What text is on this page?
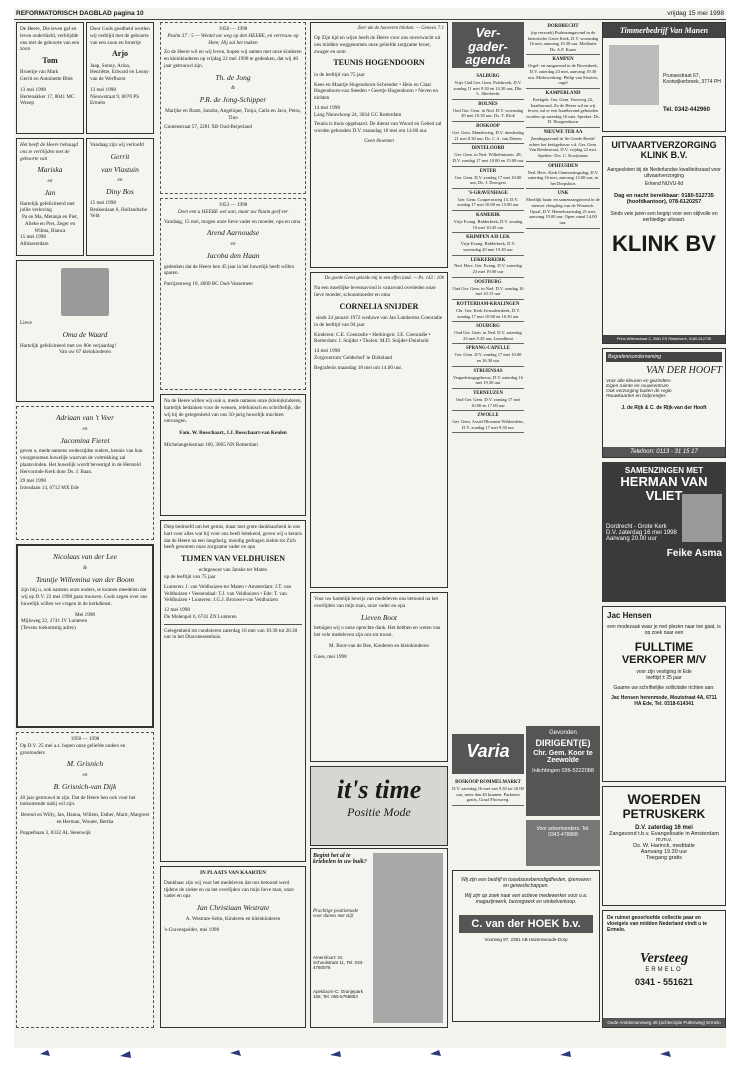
REFORMATORISCH DAGBLAD pagina 10	vrijdag 15 mei 1998
De Heere, Die leven gaf en leven onderhield, verblijdde ons met de geboorte van een zoon
Tom
Broertje van Mark
Gerrit en Antoinette Blok
13 mei 1998
Hertenakker 17, 8041 MC Wezep
Door Gods goedheid werden wij verblijd met de geboorte van een zoon en broertje
Arjo
Jaap, Sonny, Arina, Henriëtte, Edward en Lenny van de Werfhorst
13 mei 1998
Nieuwstraat 9, 8070 PS Ermelo
Het heeft de Heere behaagd ons te verblijden met de geboorte van
Mariska
en
Jan
Hartelijk gefeliciteerd met jullie verloving
Pa en Ma, Metanja en Piet, Alieke en Piet, Zeger en Wilma, Bianca
15 mei 1998
Alblasserdam
Vandaag zijn wij verloofd
Gerrit
van Vlastuin
en
Diny Bos
15 mei 1998
Beukenlaan 6, Hollandsche Veld
Lieve
Oma de Waard
Hartelijk gefeliciteerd met uw 80e verjaardag!
Van uw 67 kleinkinderen
Adriaan van 't Veer
en
Jacomina Fieret
geven u, mede namens wederzijdse ouders, kennis van hun voorgenomen huwelijk waarvan de voltrekking zal plaatsvinden. Het huwelijk wordt bevestigd in de Hersteld Hervormde Kerk door Ds. J. Baan.
29 mei 1998
Ironsdaan 14, 6712 MX Ede
Nicolaas van der Lee
&
Teuntje Willemina van der Boom
zijn blij u, ook namens onze ouders, te kunnen meedelen dat wij op D.V. 22 mei 1998 gaan trouwen. Gods zegen over ons huwelijk willen we vragen in de kerkdienst.
Mei 1998
Mijlsweg 22, 2741 JV Lunteren
(Tevens toekomstig adres)
1958 — 1998
Op D.V. 25 mei a.s. hopen onze geliefde ouders en grootouders
M. Grisnich
en
B. Grisnich-van Dijk
40 jaar getrouwd te zijn. Dat de Heere hen ook voor het toekomende nabij wil zijn.
Berend en Willy, Jan, Hanna, Willem, Esther, Marit, Margreet en Herman, Wouter, Bertha
Poppelbaan 3, 8332 AL Steenwijk
1958 — 1998
Psalm 37 : 5 — Wentel uw weg op den HEERE, en vertrouw op Hem; Hij zal het maken
Zo de Heere wil en wij leven, hopen wij samen met onze kinderen en kleinkinderen op vrijdag 22 mei 1998 te gedenken, dat wij 40 jaar getrouwd zijn.
Th. de Jong
&
P.R. de Jong-Schipper
Marijke en Bram, Sandra, Angelique, Tonja, Carla en Jaco, Petra, Tino
Guntenstraat 57, 2281 XB Oud-Beijerland
1953 — 1998
Doet een u HEERE wel aan, maar uw Naam geef eer
Vandaag, 15 mei, mogen onze lieve vader en moeder, opa en oma
Arend Aarnoudse
en
Jacoba den Haan
gedenken dat de Heere hen 45 jaar in het huwelijk heeft willen sparen.
Patrijzenweg 18, 4000 BC Oud-Vossemeer
Na de Heere willen wij ook u, mede namens onze (klein)kinderen, hartelijk bedanken voor de wensen, telefonisch en schriftelijk, die wij bij de gelegenheid van ons 50-jarig huwelijk mochten ontvangen.
Fam. W. Bosschaart, J.J. Bosschaart-van Keulen
Michelangelostraat 166, 3065 NN Rotterdam
Diep bedroefd om het gemis, maar met grote dankbaarheid in ons hart voor alles wat hij voor ons heeft betekend, geven wij u kennis dat de Heere na een langdurig, moedig gedragen ziekte tot Zich heeft genomen onze zorgzame vader en opa
TIJMEN VAN VELDHUISEN
echtgenoot van Janske ter Maten
op de leeftijd van 75 jaar
Lunteren: J. van Veldhuizen-ter Maten • Amsterdam: J.T. van Veldhuizen • Veenendaal: T.J. van Veldhuizen • Ede: T. van Veldhuizen • Lunteren: J.G.J. Brouwer-van Veldhuizen
12 mei 1998
De Molenpol 6, 6741 ZN Lunteren
Gelegenheid tot condoleren zaterdag 16 mei van 19.30 tot 20.30 uur in het Diaconessenhuis.
IN PLAATS VAN KAARTEN
Dankbaar zijn wij voor het medeleven dat ons betoond werd tijdens de ziekte en na het overlijden van mijn lieve man, onze vader en opa
Jan Christiaan Westrate
A. Westrate-Selm, Kinderen en kleinkinderen
's-Gravenpolder, mei 1998
Zeer ule de hooveren blinken. — Genesis 7:1
Op Zijn tijd en wijze heeft de Heere voor ons onverwacht uit ons midden weggenomen onze geliefde zorgzame broer, zwager en oom
TEUNIS HOGENDOORN
in de leeftijd van 75 jaar
Kees en Maartje Hogendoorn-Schreuder • Hein en Claar Hogendoorn-van Steeden • Geertje Hogendoorn • Neven en nichten
14 mei 1998
Lang Nieuwkoop 24, 3034 GC Rotterdam
Teunis is thuis opgebaard. De dienst van Woord en Gebed zal worden gehouden D.V. maandag 18 mei om 14.00 uur.
Geen bloemen
De goede Geest geleide mij in een effen land. — Ps. 143 : 10b
Na een moeilijke levensavond is vanavond overleden onze lieve moeder, schoonmoeder en oma
CORNELIA SNIJDER
sinds 24 januari 1972 weduwe van Jan Lambertus Coenradie
in de leeftijd van 94 jaar
Kinderen: C.E. Coenradie • Herkingen: J.E. Coenradie • Rotterdam: J. Snijder • Tholen: M.D. Snijder-Duinhold
14 mei 1998
Zorgcentrum 'Gelderhof' te Dirksland
Begrafenis maandag 18 mei om 14.00 uur.
Voor uw hartelijk bewijs van medeleven ons betoond na het overlijden van mijn man, onze vader en opa
Lieven Boot
betuigen wij u onze oprechte dank. Het hebben en weten van het vele medeleven zijn ons tot troost.
M. Boot-van de Bee, Kinderen en kleinkinderen
Goes, mei 1998
it's time
Positie Mode
Begint het al te kriebelen in uw buik?
Prachtige positiemode voor dames met stijl
Amersfoort: Gr. Schoolstraat 11, Tel. 033-4760076
Apeldoorn-C: Oranjepark 168, Tel. 055-5768853
Ver-gader-agenda
SALBURG
Vrije Oud Ger. Gem. Polsbroek, D.V. zondag 11 mei 9.30 en 14.30 uur, Dhr. L. Sliedrecht
BOLNES
Oud Ger. Gem. in Ned. D.V. woensdag 20 mei 19.30 uur, Ds. T. Klok
BOSKOOP
Ger. Gem. Mandewieg, D.V. donderdag 21 mei 8.30 uur, Ds. C.A. van Dieren
DINTELOORD
Ger. Gem. in Ned. Wilhelminastr. 28, D.V. zondag 17 mei 10.00 en 15.00 uur
ENTER
Ger. Gem. D.V. zondag 17 mei 10.00 uur, Ds. J. Droogers
'S-GRAVENHAGE
Ger. Gem. Couperusweg 13, D.V. zondag 17 mei 10.00 en 15.00 uur
KAMERIK
Vrije Evang. Ridderkerk, D.V. zondag 10 mei 10.45 uur
KRIMPEN A/D LEK
Vrije Evang. Ridderkerk, D.V. woensdag 20 mei 19.30 uur
LEKKERKERK
Ned. Herv. Ger. Evang. D.V. zaterdag 23 mei 19.00 uur
OOSTBURG
Oud Ger. Gem. in Ned. D.V. zondag 10 mei 10.15 uur
ROTTERDAM-KRALINGEN
Chr. Ger. Kerk Jerusalemkerk, D.V. zondag 17 mei 10.00 en 16.30 uur
SOUBURG
Oud Ger. Gem. in Ned. D.V. zaterdag 23 mei 9.45 uur, Leendhout
SPRANG-CAPELLE
Ger. Gem. D.V. zondag 17 mei 10.00 en 16.30 uur
STRIJENSAS
Vergaderingsgebouw, D.V. zaterdag 16 mei 19.30 uur
TERNEUZEN
Oud Ger. Gem. D.V. zondag 17 mei 10.00 en 17.00 uur
ZWOLLE
Ger. Gem. Assiel Bloemen Wildemlein, D.V. zondag 17 mei 9.30 uur
Varia
BOSKOOP ROMMELMARKT
D.V. zaterdag 16 mei van 9.30 tot 16.00 uur, meer dan 40 kramen. Parkeren gratis, Graaf Florisweg.
DORDRECHT
(op verzoek) Psalmzangavond in de historische Grote Kerk, D.V. woensdag 16 mei, aanvang 19.30 uur. Meditatie Ds. A.F. Kaars
KAMPEN
Orgel- en zangavond in de Bovenkerk, D.V. zaterdag 23 mei, aanvang 19.30 uur. Medewerking: Philip van Slooten, orgel
KAMPERLAND
Kerkgeb. Ger. Gem. Voorweg 22, Israëlavond. Zo de Heere wil en wij leven, zal er een Israëlavond gehouden worden op zaterdag 16 mei. Spreker: Ds. D. Hoogendoorn
NIEUWE TER AA
Zendingsavond in 'de Goede Reede' achter het kerkgebouw v.d. Ger. Gem. Van Reedestraat, D.V. vrijdag 22 mei. Spreker: Drs. C. Kooijmans
OPHEUSDEN
Ned. Herv. Kerk Ontmoetingsdag, D.V. zaterdag 16 mei, aanvang 13.00 uur, in het Dorpshuis
UNK
Moeilijk baan: en samenzangavond in de nieuwe vleugling van de Woonsch. Opsal, D.V. Hemelvaartsdag 21 mei, aanvang 19.00 uur. Open vanaf 14.00 uur.
Gevonden
DIRIGENT(E)
Chr. Gem. Koor te Zeewolde
Inlichtingen 036-5222088
Voor adverteerders: Tel. 0343-478888
Wij zijn een bedrijf in touwbouwbenodigdheden, ijzerwaren en gereedschappen.
Wij zijn op zoek naar een actieve medewerker voor o.a. magazijnwerk, bezorgwerk en winkelverkoop.
C. van der HOEK b.v.
Voorweg 97, 2391 AB Hazerswoude-Dorp
Timmerbedrijf Van Manen
Prunaestraat 67, Kootwijkerbroek, 3774 PH
Tel. 0342-442960
UITVAARTVERZORGING KLINK B.V.
Aangesloten bij de Nederlandse kwaliteitsraad voor uitvaartverzorging
Erkend NUVU-lid
Dag en nacht bereikbaar: 0180-512735 (hoofdkantoor), 078-6120257
Sinds vele jaren een begrip voor een stijlvolle en eerbiedige uitvaart.
KLINK BV
Prins Willemstraat 2, 2981 ES Ridderkerk, 0180-512735
Begrafenisonderneming
VAN DER HOOFT
Voor alle kleuren en gezindten
Eigen ruimte en rouwcentrum
Ook verzorging buiten de regio
Rouwkaarten en bidprentjes
J. de Rijk & C. de Rijk-van der Hooft
Telefoon: 0113 - 31 15 17
SAMENZINGEN MET
HERMAN VAN VLIET
Dordrecht - Grote Kerk
D.V. zaterdag 16 mei 1998
Aanvang 20.00 uur
Feike Asma
Jac Hensen
een modezaak waar je met plezier naar toe gaat, is op zoek naar een
FULLTIME
VERKOPER M/V
voor zijn vestiging in Ede
leeftijd ± 25 jaar
Gaarne uw schriftelijke sollicitatie richten aan:
Jac Hensen herenmode, Moutstraat 4A, 6711 HA Ede, Tel. 0318-614341
WOERDEN
PETRUSKERK
D.V. zaterdag 16 mei
Zangavond t.b.v. Evangelisatie in Amsterdam m.m.v.
Ds. W. Harinck, meditatie
Aanvang 19.30 uur
Toegang gratis
De ruimst geoorloofde collectie paar en vloeigels van midden Nederland vindt u te Ermelo.
Versteeg
ERMELO
0341 - 551621
Oude Ambtsmansweg 46 (achterzijde Putterweg) Ermelo
